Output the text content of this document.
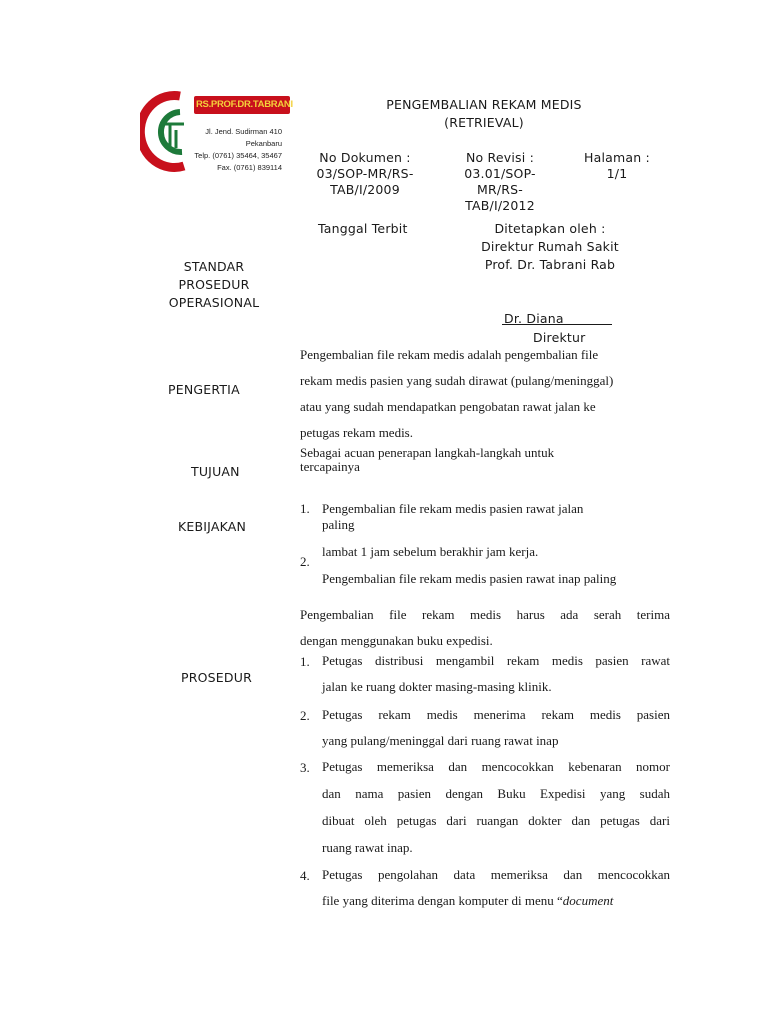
RS.PROF.DR.TABRANI
Jl. Jend. Sudirman 410 Pekanbaru
Telp. (0761) 35464, 35467
Fax. (0761) 839114
PENGEMBALIAN REKAM MEDIS
(RETRIEVAL)
No Dokumen :
03/SOP-MR/RS-
TAB/I/2009
No Revisi :
03.01/SOP-
MR/RS-
TAB/I/2012
Halaman :
1/1
Tanggal Terbit	Ditetapkan oleh :
Direktur Rumah Sakit
Prof. Dr. Tabrani Rab
STANDAR
PROSEDUR
OPERASIONAL
Dr. Diana
Direktur
PENGERTIA
TUJUAN
KEBIJAKAN
PROSEDUR
Pengembalian file rekam medis adalah pengembalian file
rekam medis pasien yang sudah dirawat (pulang/meninggal)
atau yang sudah mendapatkan pengobatan rawat jalan ke
petugas rekam medis.
Sebagai acuan penerapan langkah-langkah untuk
tercapainya
1. Pengembalian file rekam medis pasien rawat jalan
paling
lambat 1 jam sebelum berakhir jam kerja.
2.
Pengembalian file rekam medis pasien rawat inap paling
Pengembalian file rekam medis harus ada serah terima
dengan menggunakan buku expedisi.
1. Petugas distribusi mengambil rekam medis pasien rawat
jalan ke ruang dokter masing-masing klinik.
2. Petugas rekam medis menerima rekam medis pasien
yang pulang/meninggal dari ruang rawat inap
3. Petugas memeriksa dan mencocokkan kebenaran nomor
dan nama pasien dengan Buku Expedisi yang sudah
dibuat oleh petugas dari ruangan dokter dan petugas dari
ruang rawat inap.
4. Petugas pengolahan data memeriksa dan mencocokkan
file yang diterima dengan komputer di menu “document
